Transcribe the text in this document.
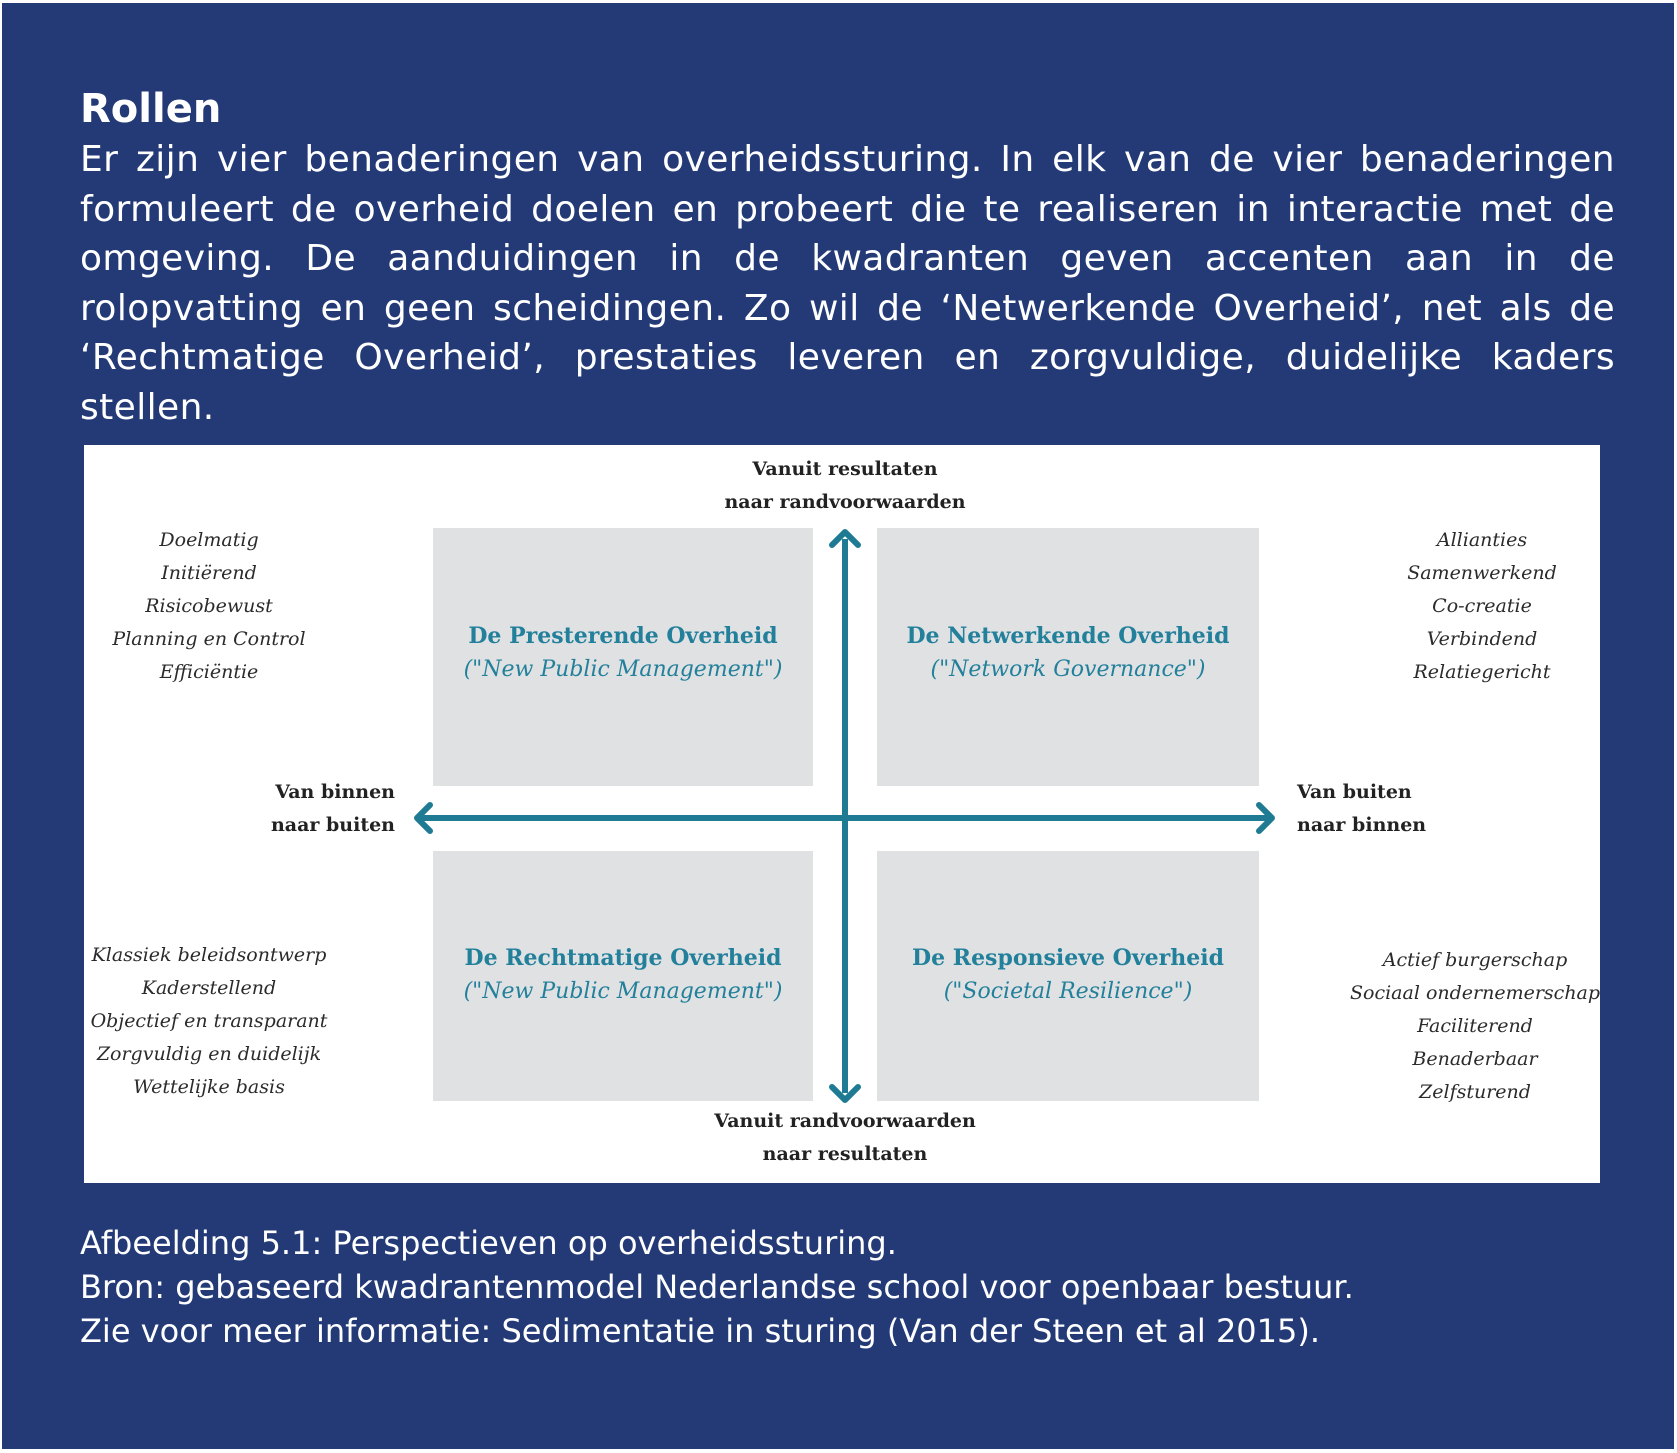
Rollen
Er zijn vier benaderingen van overheidssturing. In elk van de vier benaderingen formuleert de overheid doelen en probeert die te realiseren in interactie met de omgeving. De aanduidingen in de kwadranten geven accenten aan in de rolopvatting en geen scheidingen. Zo wil de ‘Netwerkende Overheid’, net als de ‘Rechtmatige Overheid’, prestaties leveren en zorgvuldige, duidelijke kaders stellen.
De Presterende Overheid
("New Public Management")
De Netwerkende Overheid
("Network Governance")
De Rechtmatige Overheid
("New Public Management")
De Responsieve Overheid
("Societal Resilience")
Vanuit resultaten
naar randvoorwaarden
Vanuit randvoorwaarden
naar resultaten
Van binnen
naar buiten
Van buiten
naar binnen
Doelmatig
Initiërend
Risicobewust
Planning en Control
Efficiëntie
Allianties
Samenwerkend
Co-creatie
Verbindend
Relatiegericht
Klassiek beleidsontwerp
Kaderstellend
Objectief en transparant
Zorgvuldig en duidelijk
Wettelijke basis
Actief burgerschap
Sociaal ondernemerschap
Faciliterend
Benaderbaar
Zelfsturend
Afbeelding 5.1: Perspectieven op overheidssturing.
Bron: gebaseerd kwadrantenmodel Nederlandse school voor openbaar bestuur.
Zie voor meer informatie: Sedimentatie in sturing (Van der Steen et al 2015).
